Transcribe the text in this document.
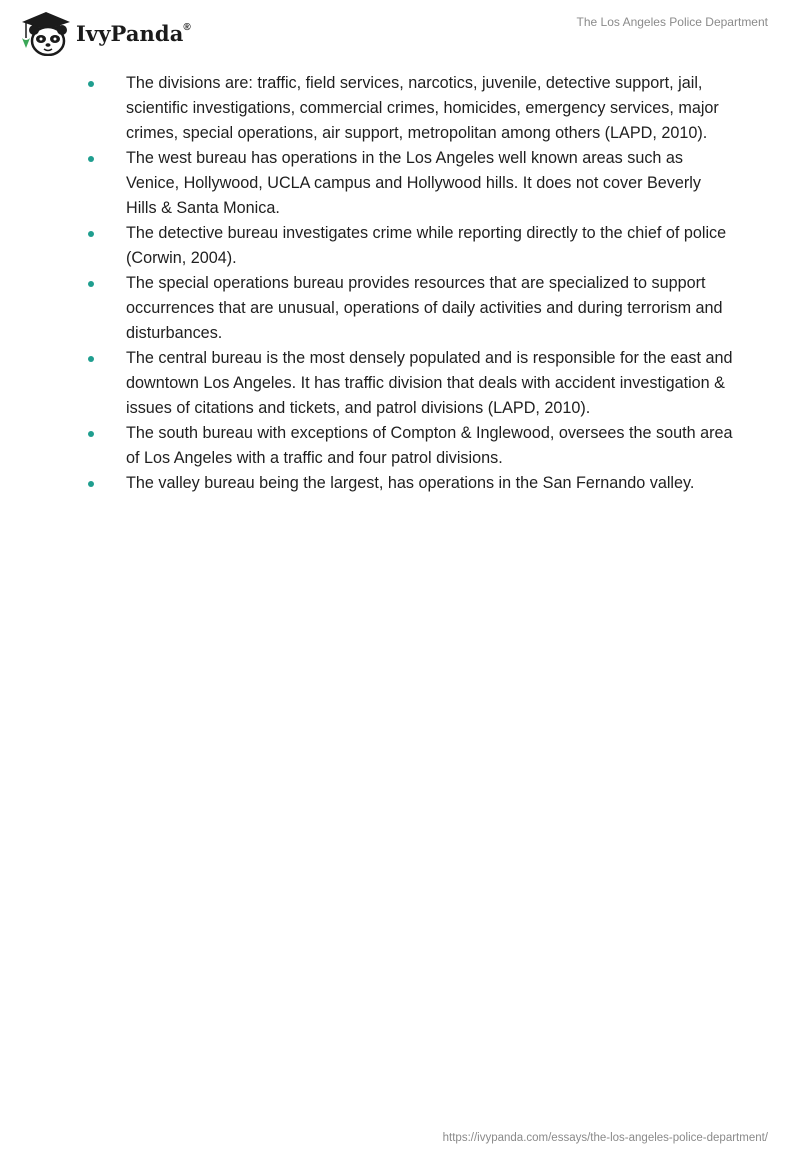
IvyPanda®	The Los Angeles Police Department
The divisions are: traffic, field services, narcotics, juvenile, detective support, jail, scientific investigations, commercial crimes, homicides, emergency services, major crimes, special operations, air support, metropolitan among others (LAPD, 2010).
The west bureau has operations in the Los Angeles well known areas such as Venice, Hollywood, UCLA campus and Hollywood hills. It does not cover Beverly Hills & Santa Monica.
The detective bureau investigates crime while reporting directly to the chief of police (Corwin, 2004).
The special operations bureau provides resources that are specialized to support occurrences that are unusual, operations of daily activities and during terrorism and disturbances.
The central bureau is the most densely populated and is responsible for the east and downtown Los Angeles. It has traffic division that deals with accident investigation & issues of citations and tickets, and patrol divisions (LAPD, 2010).
The south bureau with exceptions of Compton & Inglewood, oversees the south area of Los Angeles with a traffic and four patrol divisions.
The valley bureau being the largest, has operations in the San Fernando valley.
https://ivypanda.com/essays/the-los-angeles-police-department/
